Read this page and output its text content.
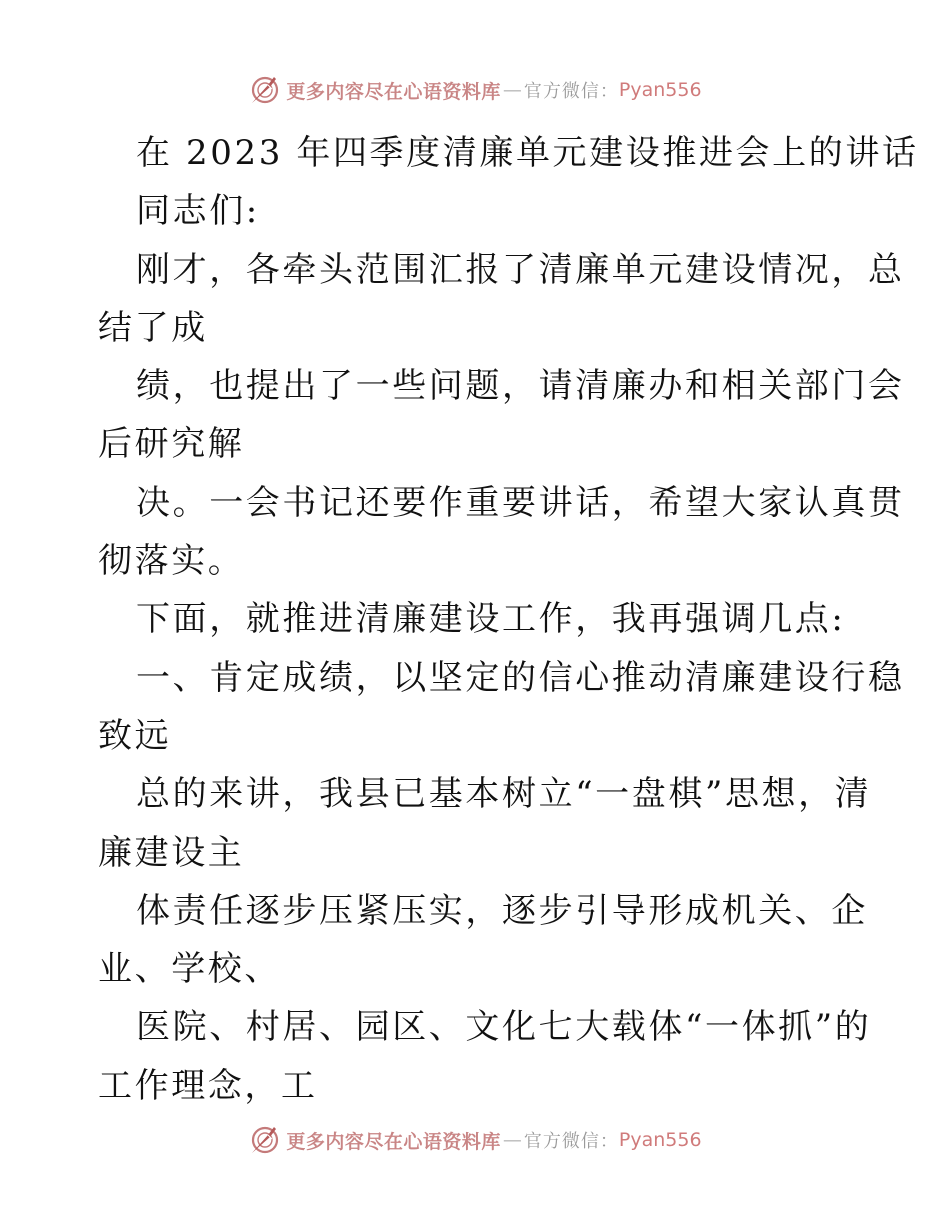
更多内容尽在心语资料库 — 官方微信： Pyan556
在 2023 年四季度清廉单元建设推进会上的讲话
同志们:
刚才，各牵头范围汇报了清廉单元建设情况，总
结了成
绩，也提出了一些问题，请清廉办和相关部门会
后研究解
决。一会书记还要作重要讲话，希望大家认真贯
彻落实。
下面，就推进清廉建设工作，我再强调几点:
一、肯定成绩，以坚定的信心推动清廉建设行稳
致远
总的来讲，我县已基本树立“一盘棋”思想，清
廉建设主
体责任逐步压紧压实，逐步引导形成机关、企
业、学校、
医院、村居、园区、文化七大载体“一体抓”的
工作理念，工
更多内容尽在心语资料库 — 官方微信： Pyan556
